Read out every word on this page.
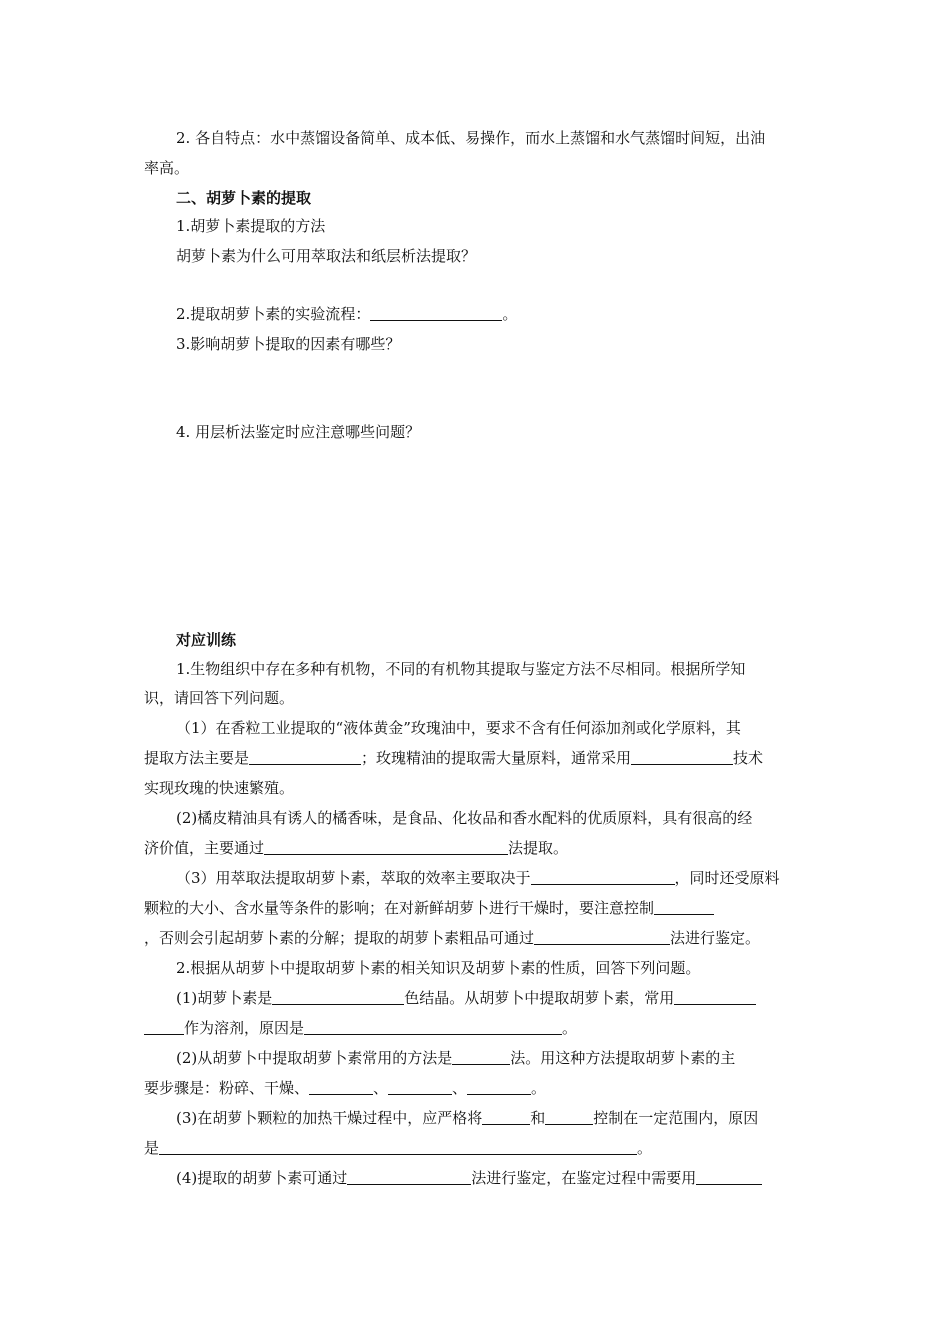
2. 各自特点：水中蒸馏设备简单、成本低、易操作，而水上蒸馏和水气蒸馏时间短，出油
率高。
二、胡萝卜素的提取
1.胡萝卜素提取的方法
胡萝卜素为什么可用萃取法和纸层析法提取？
2.提取胡萝卜素的实验流程：	。
3.影响胡萝卜提取的因素有哪些？
4. 用层析法鉴定时应注意哪些问题？
对应训练
1.生物组织中存在多种有机物，不同的有机物其提取与鉴定方法不尽相同。根据所学知
识，请回答下列问题。
（1）在香粒工业提取的“液体黄金”玫瑰油中，要求不含有任何添加剂或化学原料，其
提取方法主要是	；玫瑰精油的提取需大量原料，通常采用	技术
实现玫瑰的快速繁殖。
(2)橘皮精油具有诱人的橘香味，是食品、化妆品和香水配料的优质原料，具有很高的经
济价值，主要通过	法提取。
（3）用萃取法提取胡萝卜素，萃取的效率主要取决于	，同时还受原料
颗粒的大小、含水量等条件的影响；在对新鲜胡萝卜进行干燥时，要注意控制
，否则会引起胡萝卜素的分解；提取的胡萝卜素粗品可通过	法进行鉴定。
2.根据从胡萝卜中提取胡萝卜素的相关知识及胡萝卜素的性质，回答下列问题。
(1)胡萝卜素是	色结晶。从胡萝卜中提取胡萝卜素，常用
作为溶剂，原因是	。
(2)从胡萝卜中提取胡萝卜素常用的方法是	法。用这种方法提取胡萝卜素的主
要步骤是：粉碎、干燥、	、	、	。
(3)在胡萝卜颗粒的加热干燥过程中，应严格将	和	控制在一定范围内，原因
是	。
(4)提取的胡萝卜素可通过	法进行鉴定，在鉴定过程中需要用
